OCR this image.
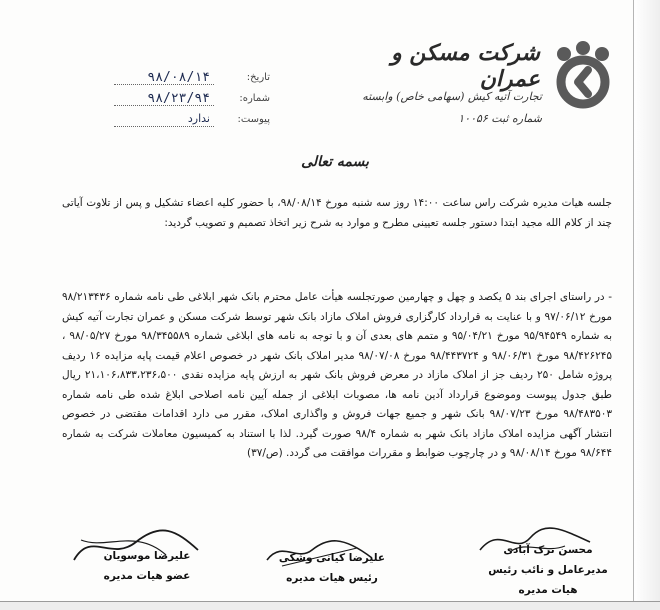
شرکت مسکن و عمران
تجارت آتیه کیش (سهامی خاص) وابسته
شماره ثبت ۱۰۰۵۶
تاریخ:
۹۸/۰۸/۱۴
شماره:
۹۸/۲۳/۹۴
پیوست:
ندارد
بسمه تعالی

جلسه هیات مدیره شرکت راس ساعت ۱۴:۰۰ روز سه شنبه مورخ ۹۸/۰۸/۱۴، با حضور کلیه اعضاء تشکیل و پس از تلاوت آیاتی چند از کلام الله مجید ابتدا دستور جلسه تعیینی مطرح و موارد به شرح زیر اتخاذ تصمیم و تصویب گردید:

- در راستای اجرای بند ۵ یکصد و چهل و چهارمین صورتجلسه هیأت عامل محترم بانک شهر ابلاغی طی نامه شماره ۹۸/۲۱۳۴۳۶ مورخ ۹۷/۰۶/۱۲ و با عنایت به قرارداد کارگزاری فروش املاک مازاد بانک شهر توسط شرکت مسکن و عمران تجارت آتیه کیش به شماره ۹۵/۹۴۵۴۹ مورخ ۹۵/۰۴/۲۱ و متمم های بعدی آن و با توجه به نامه های ابلاغی شماره ۹۸/۳۴۵۵۸۹ مورخ ۹۸/۰۵/۲۷ ، ۹۸/۴۲۶۲۴۵ مورخ ۹۸/۰۶/۳۱ و ۹۸/۴۴۳۷۲۴ مورخ ۹۸/۰۷/۰۸ مدیر املاک بانک شهر در خصوص اعلام قیمت پایه مزایده ۱۶ ردیف پروژه شامل ۲۵۰ ردیف جز از املاک مازاد در معرض فروش بانک شهر به ارزش پایه مزایده نقدی ۲۱،۱۰۶،۸۳۳،۲۳۶،۵۰۰ ریال طبق جدول پیوست وموضوع قرارداد آدین نامه ها، مصوبات ابلاغی از جمله آیین نامه اصلاحی ابلاغ شده طی نامه شماره ۹۸/۴۸۳۵۰۳ مورخ ۹۸/۰۷/۲۳ بانک شهر و جمیع جهات فروش و واگذاری املاک، مقرر می دارد اقدامات مقتضی در خصوص انتشار آگهی مزایده املاک مازاد بانک شهر به شماره ۹۸/۴ صورت گیرد. لذا با استناد به کمیسیون معاملات شرکت به شماره ۹۸/۶۴۴ مورخ ۹۸/۰۸/۱۴ و در چارچوب ضوابط و مقررات موافقت می گردد. (ص/۳۷)

محسن ترک آبادی
مدیرعامل و نائب رئیس هیات مدیره
علیرضا کیانی وشکی
رئیس هیات مدیره
علیرضا موسویان
عضو هیات مدیره
